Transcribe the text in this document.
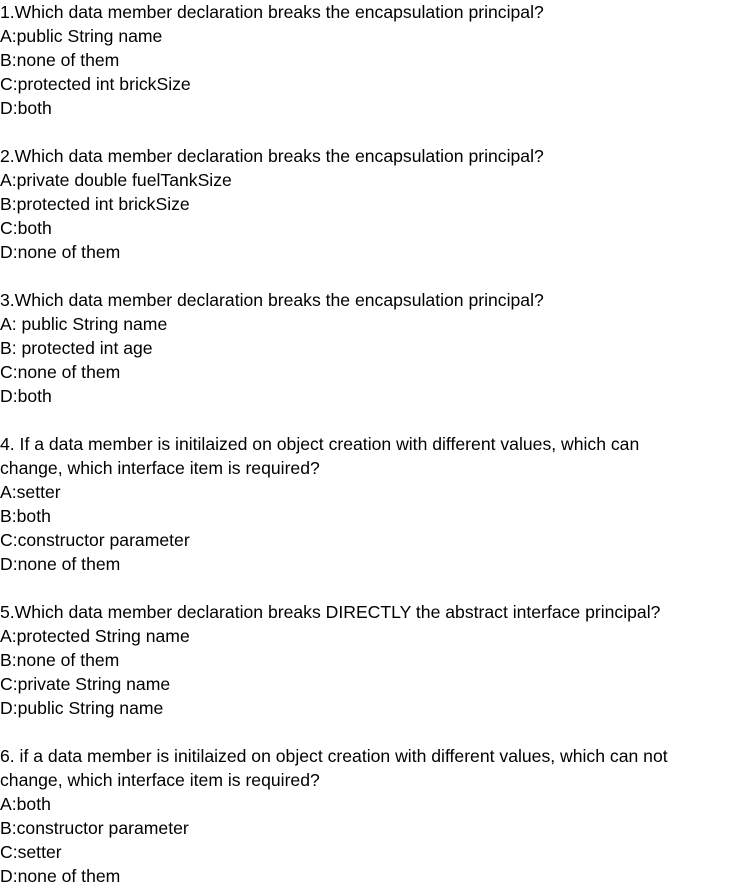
1.Which data member declaration breaks the encapsulation principal?
A:public String name
B:none of them
C:protected int brickSize
D:both
2.Which data member declaration breaks the encapsulation principal?
A:private double fuelTankSize
B:protected int brickSize
C:both
D:none of them
3.Which data member declaration breaks the encapsulation principal?
A: public String name
B: protected int age
C:none of them
D:both
4. If a data member is initilaized on object creation with different values, which can
change, which interface item is required?
A:setter
B:both
C:constructor parameter
D:none of them
5.Which data member declaration breaks DIRECTLY the abstract interface principal?
A:protected String name
B:none of them
C:private String name
D:public String name
6. if a data member is initilaized on object creation with different values, which can not
change, which interface item is required?
A:both
B:constructor parameter
C:setter
D:none of them
